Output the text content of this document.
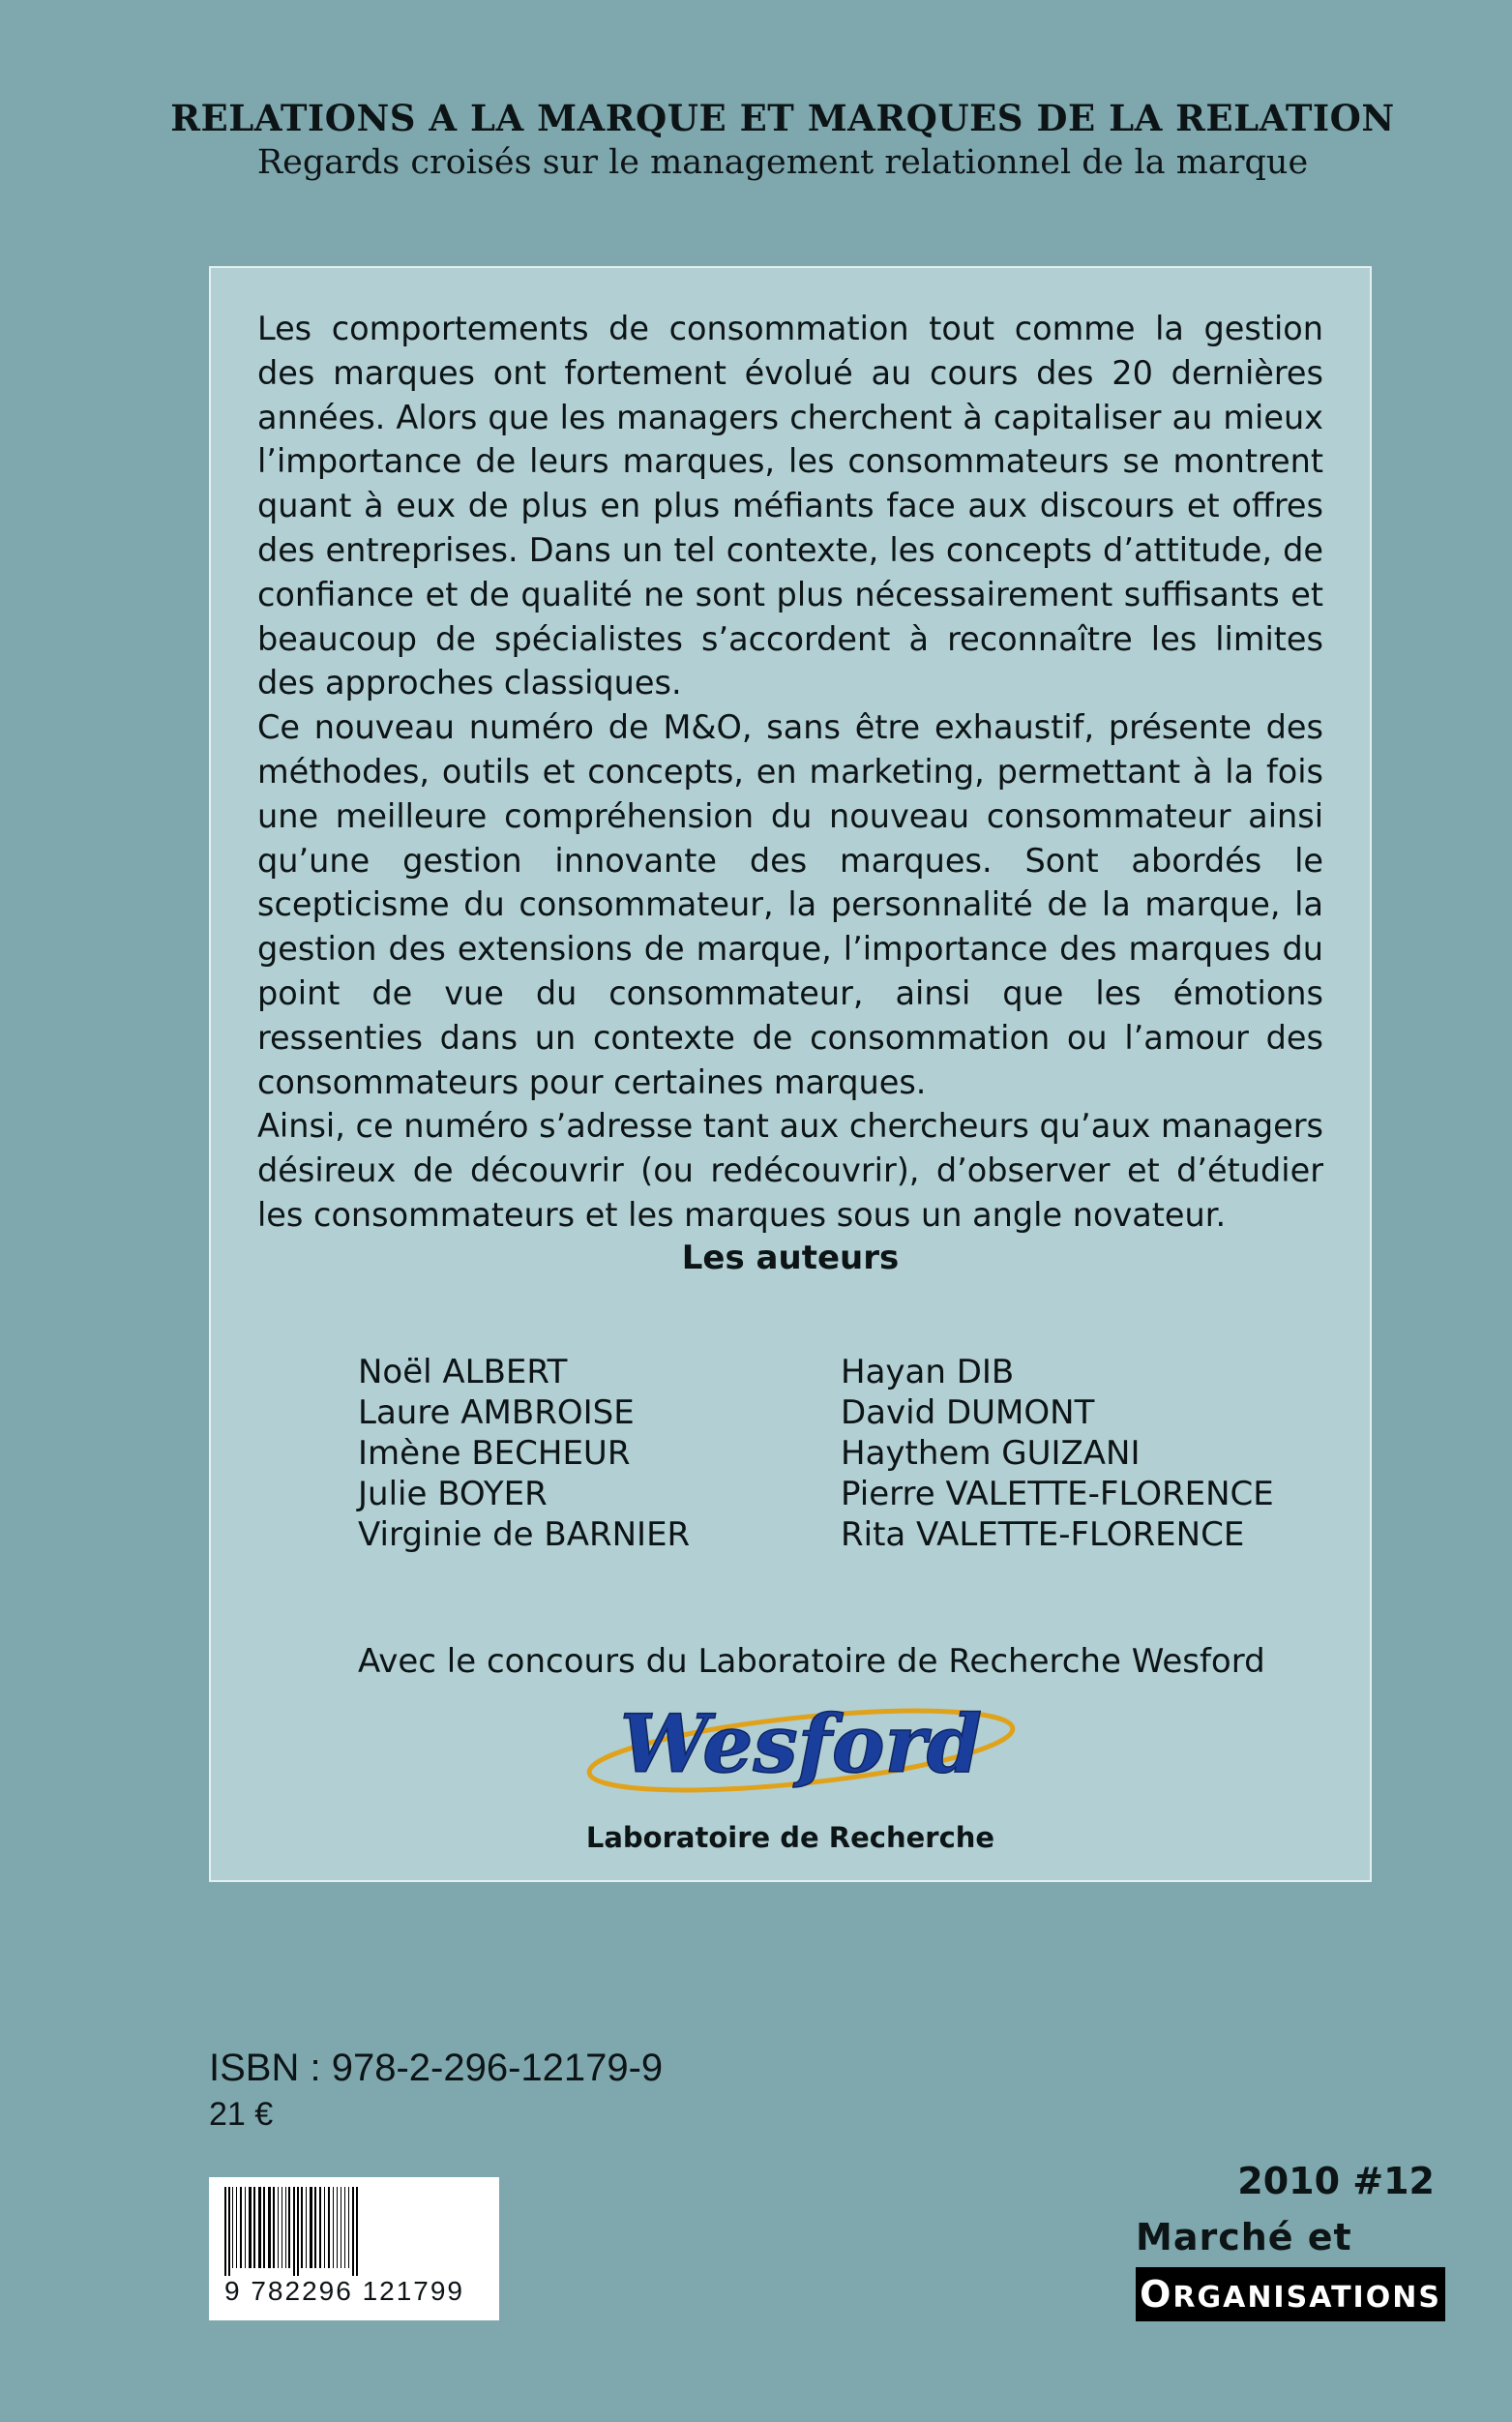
RELATIONS A LA MARQUE ET MARQUES DE LA RELATION
Regards croisés sur le management relationnel de la marque

Les comportements de consommation tout comme la gestion des marques ont fortement évolué au cours des 20 dernières années. Alors que les managers cherchent à capitaliser au mieux l’importance de leurs marques, les consommateurs se montrent quant à eux de plus en plus méfiants face aux discours et offres des entreprises. Dans un tel contexte, les concepts d’attitude, de confiance et de qualité ne sont plus nécessairement suffisants et beaucoup de spécialistes s’accordent à reconnaître les limites des approches classiques.

Ce nouveau numéro de M&O, sans être exhaustif, présente des méthodes, outils et concepts, en marketing, permettant à la fois une meilleure compréhension du nouveau consommateur ainsi qu’une gestion innovante des marques. Sont abordés le scepticisme du consommateur, la personnalité de la marque, la gestion des extensions de marque, l’importance des marques du point de vue du consommateur, ainsi que les émotions ressenties dans un contexte de consommation ou l’amour des consommateurs pour certaines marques.

Ainsi, ce numéro s’adresse tant aux chercheurs qu’aux managers désireux de découvrir (ou redécouvrir), d’observer et d’étudier les consommateurs et les marques sous un angle novateur.

Les auteurs
Noël ALBERT
Laure AMBROISE
Imène BECHEUR
Julie BOYER
Virginie de BARNIER
Hayan DIB
David DUMONT
Haythem GUIZANI
Pierre VALETTE-FLORENCE
Rita VALETTE-FLORENCE
Avec le concours du Laboratoire de Recherche Wesford
Wesford
Laboratoire de Recherche
ISBN : 978-2-296-12179-9
21 €
9 782296 121799
2010 #12
Marché et
ORGANISATIONS
